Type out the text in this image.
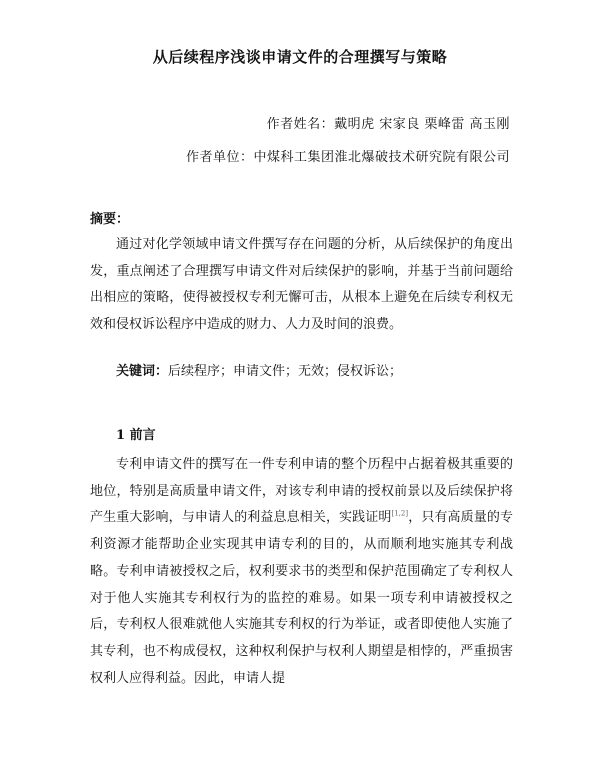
从后续程序浅谈申请文件的合理撰写与策略
作者姓名：戴明虎 宋家良 栗峰雷 高玉刚
作者单位：中煤科工集团淮北爆破技术研究院有限公司
摘要：

通过对化学领域申请文件撰写存在问题的分析，从后续保护的角度出发，重点阐述了合理撰写申请文件对后续保护的影响，并基于当前问题给出相应的策略，使得被授权专利无懈可击，从根本上避免在后续专利权无效和侵权诉讼程序中造成的财力、人力及时间的浪费。

关键词：后续程序；申请文件；无效；侵权诉讼；
1 前言

专利申请文件的撰写在一件专利申请的整个历程中占据着极其重要的地位，特别是高质量申请文件，对该专利申请的授权前景以及后续保护将产生重大影响，与申请人的利益息息相关，实践证明[1,2]，只有高质量的专利资源才能帮助企业实现其申请专利的目的，从而顺利地实施其专利战略。专利申请被授权之后，权利要求书的类型和保护范围确定了专利权人对于他人实施其专利权行为的监控的难易。如果一项专利申请被授权之后，专利权人很难就他人实施其专利权的行为举证，或者即使他人实施了其专利，也不构成侵权，这种权利保护与权利人期望是相悖的，严重损害权利人应得利益。因此，申请人提
